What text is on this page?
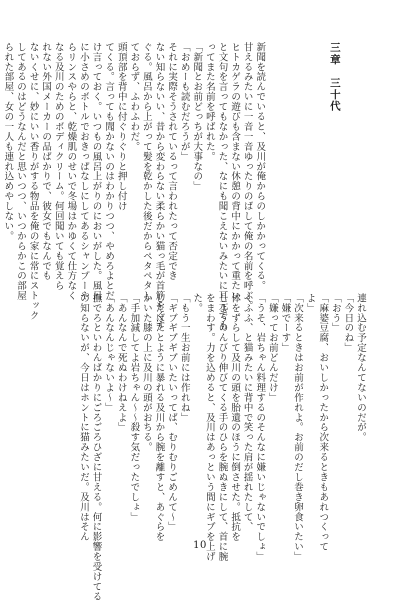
三章　三十代

新聞を読んでいると、及川が俺からのしかかってくる。
甘えるみたいに一音一音ゆったりのばして俺の名前を呼ぶ。
ヒトカゲラの遊びも含まない休憩の背中にかかって重たい
と文句を言ってもなかった、なにも聞こえないみたいに耳元でも
ってまた名前を呼ばれた。
「新聞とお前どっちが大事なの」
「おめーも読むだろうが」
それに実際そうされているって言われたって否定でき
ない知らないい、昔から変わらない柔らかい猫っ毛が首筋をくす
ぐる。風呂から上がって髪を乾かした後だからペタペタし
ておらず、ふわふわだ。
頭頂部を背中に付ぐりぐりと押し付け
てくる。言っても聞かないのはわかりつつ、やめろよとだ
け言っておく。いつもの風呂上がりのにおいがした。風呂
に小さめのボトルでおきっぱなしにしてあるシャンプーや
らリンスやらと、乾燥肌のせいで冬場はかゆくて仕方なく
なる及川のためのボディクリーム。何回聞いても覚えら
れない外国メーカーの品ばかりで、彼女でもなんでも
ないくせに、妙にいい香りがする物品を俺の家に常にストック
してあるのはどうなんだと思いつつ、いつからかこの部屋
られた部屋、女の一人も連れ込めやしない。
連れ込む予定なんてないのだが。
「今日のね」
「おう」
「麻婆豆腐、おいしかったから次来るときもあれつくって
よ」
「次来るときはお前が作れよ。お前のだし巻き卵食いたい」
「嫌でーす」
「嫌ってお前どんだけ」
「うそ、岩ちゃん料理するのそんなに嫌いじゃないでしょ」
くふふ、と猫みたいに背中で笑った肩が揺れたして、
体をずらして及川の頭を胎遺のほうに倒させた。抵抗を
しようのんびり伸びてくる手のひらを腕ぬきにして、首に腕
をまわす。力を込めると、及川はあっという間にギブを上げ
た。
「もう一生お前には作れね」
「ギブギブギブいたいってば、むりむりごめんて〜」
じたばたとように暴れる及川から腕を離すと、あぐらを
かいた膝の上に及川の頭がおちる。
「手加減してよ岩ちゃん〜〜殺す気だったでしょ」
「あんなんで死ぬわけねえよ」
「あんなんじゃないよ〜」
撫でろといわんばかりにごろごろひざに甘える。何に影響を受けてる
の知らないが、今日はホントに猫みたいだ。及川はそん
10
